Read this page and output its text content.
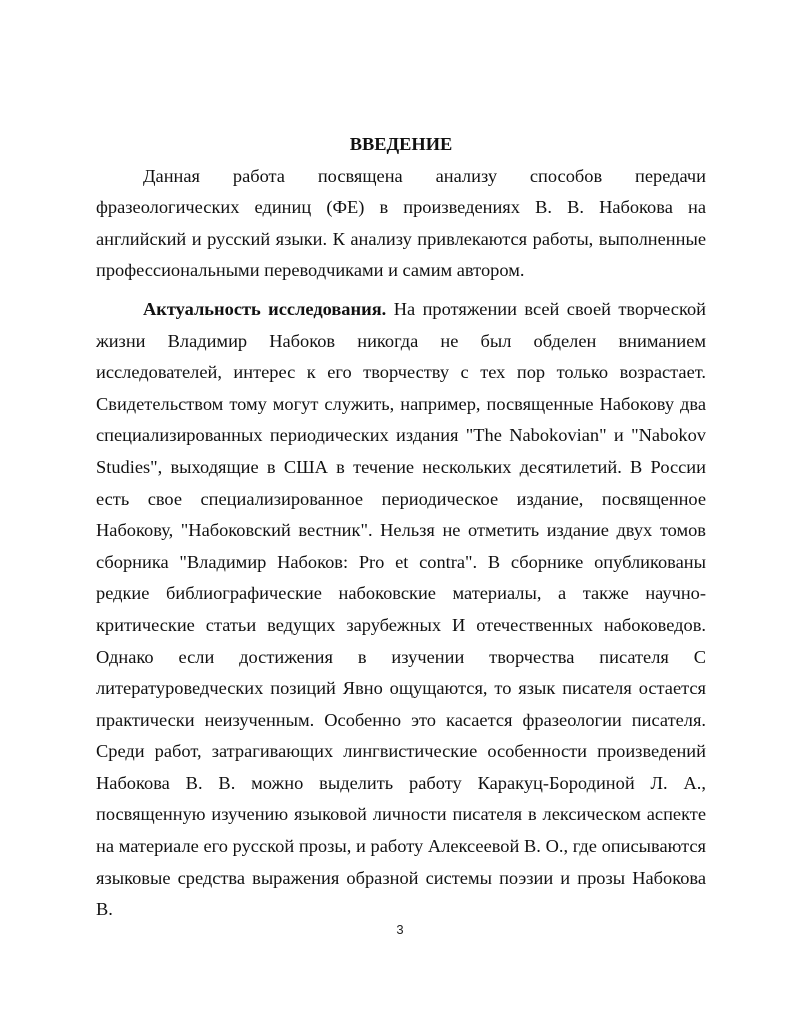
ВВЕДЕНИЕ

Данная работа посвящена анализу способов передачи фразеологических единиц (ФЕ) в произведениях В. В. Набокова на английский и русский языки. К анализу привлекаются работы, выполненные профессиональными переводчиками и самим автором.

Актуальность исследования. На протяжении всей своей творческой жизни Владимир Набоков никогда не был обделен вниманием исследователей, интерес к его творчеству с тех пор только возрастает. Свидетельством тому могут служить, например, посвященные Набокову два специализированных периодических издания "The Nabokovian" и "Nabokov Studies", выходящие в США в течение нескольких десятилетий. В России есть свое специализированное периодическое издание, посвященное Набокову, "Набоковский вестник". Нельзя не отметить издание двух томов сборника "Владимир Набоков: Pro et contra". В сборнике опубликованы редкие библиографические набоковские материалы, а также научно-критические статьи ведущих зарубежных И отечественных набоковедов. Однако если достижения в изучении творчества писателя С литературоведческих позиций Явно ощущаются, то язык писателя остается практически неизученным. Особенно это касается фразеологии писателя. Среди работ, затрагивающих лингвистические особенности произведений Набокова В. В. можно выделить работу Каракуц-Бородиной Л. А., посвященную изучению языковой личности писателя в лексическом аспекте на материале его русской прозы, и работу Алексеевой В. О., где описываются языковые средства выражения образной системы поэзии и прозы Набокова В.

3
